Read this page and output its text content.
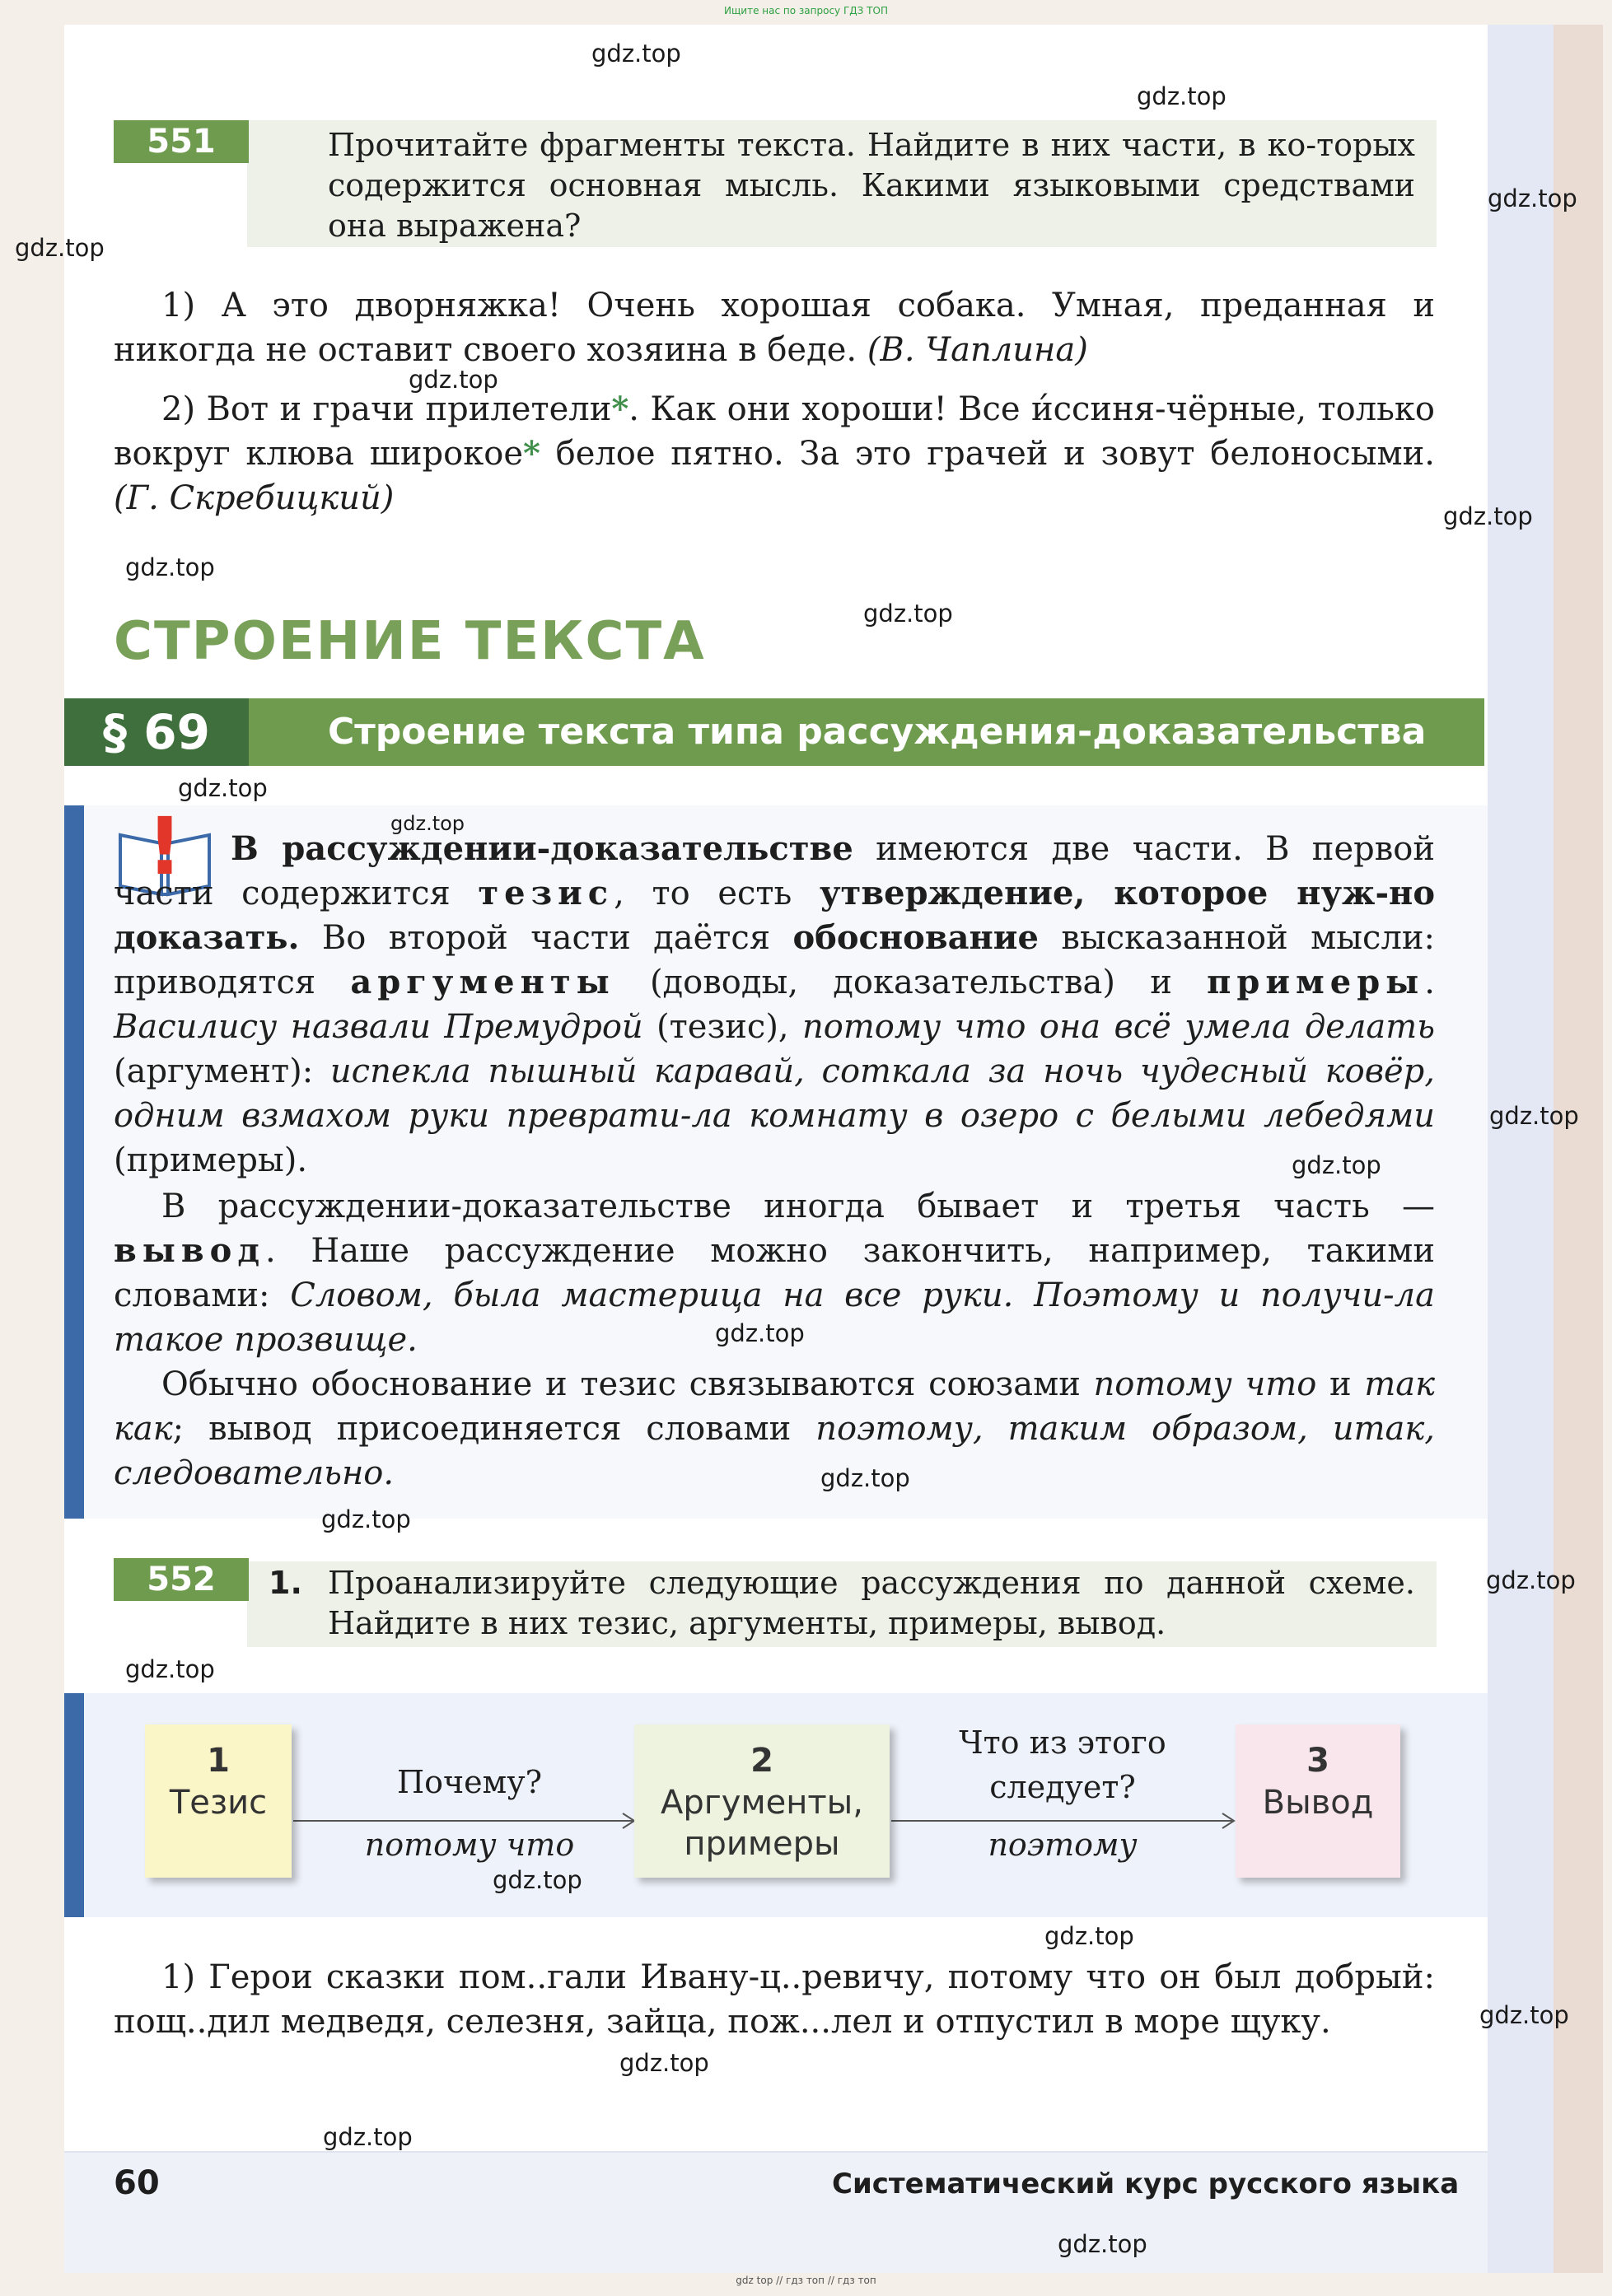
Ищите нас по запросу ГДЗ ТОП
551	Прочитайте фрагменты текста. Найдите в них части, в ко-торых содержится основная мысль. Какими языковыми средствами она выражена?
1) А это дворняжка! Очень хорошая собака. Умная, преданная и никогда не оставит своего хозяина в беде. (В. Чаплина)
2) Вот и грачи прилетели*. Как они хороши! Все и́ссиня-чёрные, только вокруг клюва широкое* белое пятно. За это грачей и зовут белоносыми. (Г. Скребицкий)
СТРОЕНИЕ ТЕКСТА
§ 69	Строение текста типа рассуждения-доказательства
!	В рассуждении-доказательстве имеются две части. В первой части содержится тезис, то есть утверждение, которое нуж-но доказать. Во второй части даётся обоснование высказанной мысли: приводятся аргументы (доводы, доказательства) и примеры. Василису назвали Премудрой (тезис), потому что она всё умела делать (аргумент): испекла пышный каравай, соткала за ночь чудесный ковёр, одним взмахом руки преврати-ла комнату в озеро с белыми лебедями (примеры).
В рассуждении-доказательстве иногда бывает и третья часть — вывод. Наше рассуждение можно закончить, например, такими словами: Словом, была мастерица на все руки. Поэтому и получи-ла такое прозвище.
Обычно обоснование и тезис связываются союзами потому что и так как; вывод присоединяется словами поэтому, таким образом, итак, следовательно.
552	1. Проанализируйте следующие рассуждения по данной схеме. Найдите в них тезис, аргументы, примеры, вывод.
1
Тезис
Почему?
потому что
2
Аргументы,
примеры
Что из этого
следует?
поэтому
3
Вывод
1) Герои сказки пом..гали Ивану-ц..ревичу, потому что он был добрый: пощ..дил медведя, селезня, зайца, пож...лел и отпустил в море щуку.
60	Систематический курс русского языка
gdz top // гдз топ // гдз топ
gdz.top
gdz.top
gdz.top
gdz.top
gdz.top
gdz.top
gdz.top
gdz.top
gdz.top
gdz.top
gdz.top
gdz.top
gdz.top
gdz.top
gdz.top
gdz.top
gdz.top
gdz.top
gdz.top
gdz.top
gdz.top
gdz.top
gdz.top
